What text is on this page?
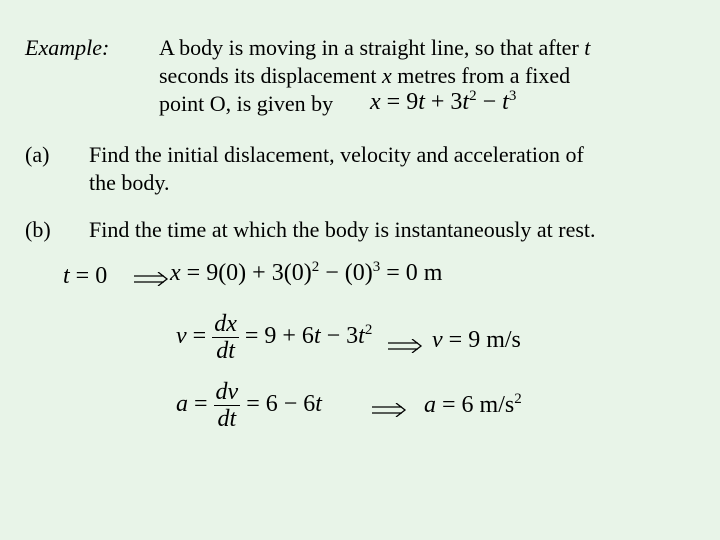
Example: A body is moving in a straight line, so that after t
seconds its displacement x metres from a fixed
point O, is given by $x = 9t + 3t^2 - t^3$
(a) Find the initial dislacement, velocity and acceleration of
the body.
(b) Find the time at which the body is instantaneously at rest.
t = 0	$x = 9(0) + 3(0)^2 - (0)^3 = 0$ m
$v = \frac{dx}{dt} = 9 + 6t - 3t^2$ v = 9 m/s
$a = \frac{dv}{dt} = 6 - 6t$	a = 6 $m/s^2$
